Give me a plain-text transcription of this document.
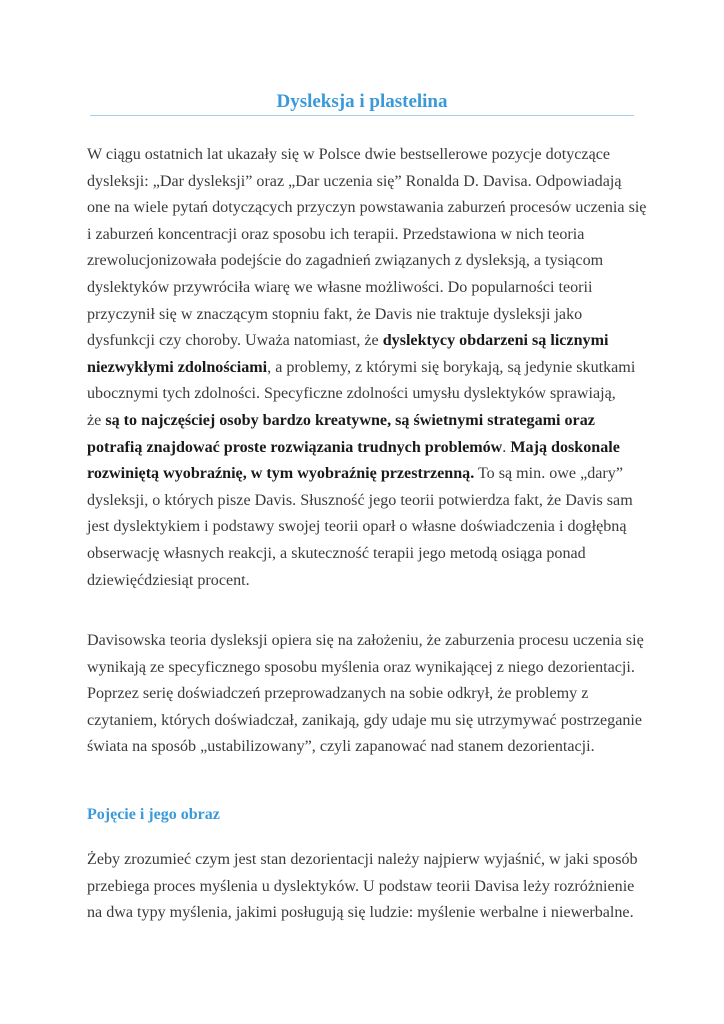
Dysleksja i plastelina
W ciągu ostatnich lat ukazały się w Polsce dwie bestsellerowe pozycje dotyczące
dysleksji: „Dar dysleksji” oraz „Dar uczenia się” Ronalda D. Davisa. Odpowiadają
one na wiele pytań dotyczących przyczyn powstawania zaburzeń procesów uczenia się
i zaburzeń koncentracji oraz sposobu ich terapii. Przedstawiona w nich teoria
zrewolucjonizowała podejście do zagadnień związanych z dysleksją, a tysiącom
dyslektyków przywróciła wiarę we własne możliwości. Do popularności teorii
przyczynił się w znaczącym stopniu fakt, że Davis nie traktuje dysleksji jako
dysfunkcji czy choroby. Uważa natomiast, że dyslektycy obdarzeni są licznymi
niezwykłymi zdolnościami, a problemy, z którymi się borykają, są jedynie skutkami
ubocznymi tych zdolności. Specyficzne zdolności umysłu dyslektyków sprawiają,
że są to najczęściej osoby bardzo kreatywne, są świetnymi strategami oraz
potrafią znajdować proste rozwiązania trudnych problemów. Mają doskonale
rozwiniętą wyobraźnię, w tym wyobraźnię przestrzenną. To są min. owe „dary”
dysleksji, o których pisze Davis. Słuszność jego teorii potwierdza fakt, że Davis sam
jest dyslektykiem i podstawy swojej teorii oparł o własne doświadczenia i dogłębną
obserwację własnych reakcji, a skuteczność terapii jego metodą osiąga ponad
dziewięćdziesiąt procent.
Davisowska teoria dysleksji opiera się na założeniu, że zaburzenia procesu uczenia się
wynikają ze specyficznego sposobu myślenia oraz wynikającej z niego dezorientacji.
Poprzez serię doświadczeń przeprowadzanych na sobie odkrył, że problemy z
czytaniem, których doświadczał, zanikają, gdy udaje mu się utrzymywać postrzeganie
świata na sposób „ustabilizowany”, czyli zapanować nad stanem dezorientacji.
Pojęcie i jego obraz
Żeby zrozumieć czym jest stan dezorientacji należy najpierw wyjaśnić, w jaki sposób
przebiega proces myślenia u dyslektyków. U podstaw teorii Davisa leży rozróżnienie
na dwa typy myślenia, jakimi posługują się ludzie: myślenie werbalne i niewerbalne.
